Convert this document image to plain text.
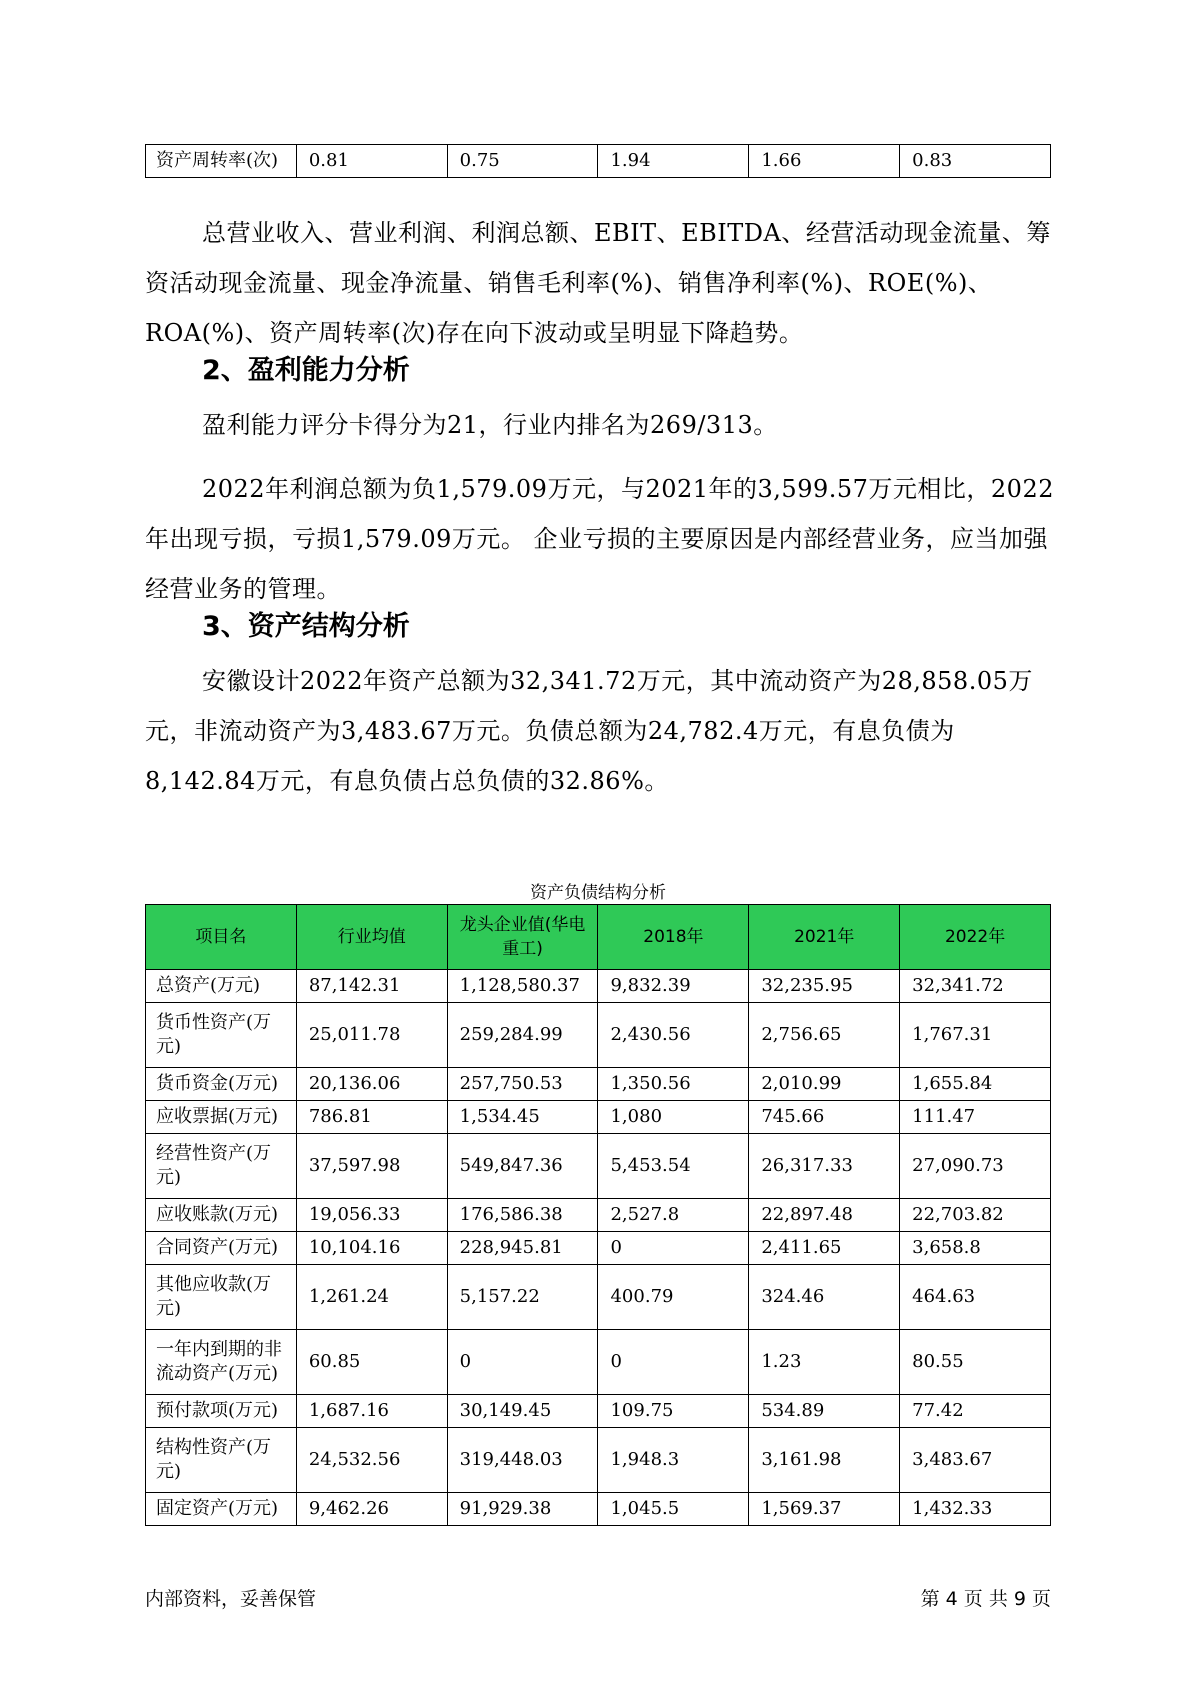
资产周转率(次)	0.81	0.75	1.94	1.66	0.83

总营业收入、营业利润、利润总额、EBIT、EBITDA、经营活动现金流量、筹资活动现金流量、现金净流量、销售毛利率(%)、销售净利率(%)、ROE(%)、ROA(%)、资产周转率(次)存在向下波动或呈明显下降趋势。

2、盈利能力分析

盈利能力评分卡得分为21，行业内排名为269/313。

2022年利润总额为负1,579.09万元，与2021年的3,599.57万元相比，2022年出现亏损，亏损1,579.09万元。 企业亏损的主要原因是内部经营业务，应当加强经营业务的管理。

3、资产结构分析

安徽设计2022年资产总额为32,341.72万元，其中流动资产为28,858.05万元，非流动资产为3,483.67万元。负债总额为24,782.4万元，有息负债为8,142.84万元，有息负债占总负债的32.86%。

资产负债结构分析

项目名	行业均值	龙头企业值(华电重工)	2018年	2021年	2022年
总资产(万元)	87,142.31	1,128,580.37	9,832.39	32,235.95	32,341.72
货币性资产(万元)	25,011.78	259,284.99	2,430.56	2,756.65	1,767.31
货币资金(万元)	20,136.06	257,750.53	1,350.56	2,010.99	1,655.84
应收票据(万元)	786.81	1,534.45	1,080	745.66	111.47
经营性资产(万元)	37,597.98	549,847.36	5,453.54	26,317.33	27,090.73
应收账款(万元)	19,056.33	176,586.38	2,527.8	22,897.48	22,703.82
合同资产(万元)	10,104.16	228,945.81	0	2,411.65	3,658.8
其他应收款(万元)	1,261.24	5,157.22	400.79	324.46	464.63
一年内到期的非流动资产(万元)	60.85	0	0	1.23	80.55
预付款项(万元)	1,687.16	30,149.45	109.75	534.89	77.42
结构性资产(万元)	24,532.56	319,448.03	1,948.3	3,161.98	3,483.67
固定资产(万元)	9,462.26	91,929.38	1,045.5	1,569.37	1,432.33

内部资料，妥善保管	第 4 页 共 9 页
